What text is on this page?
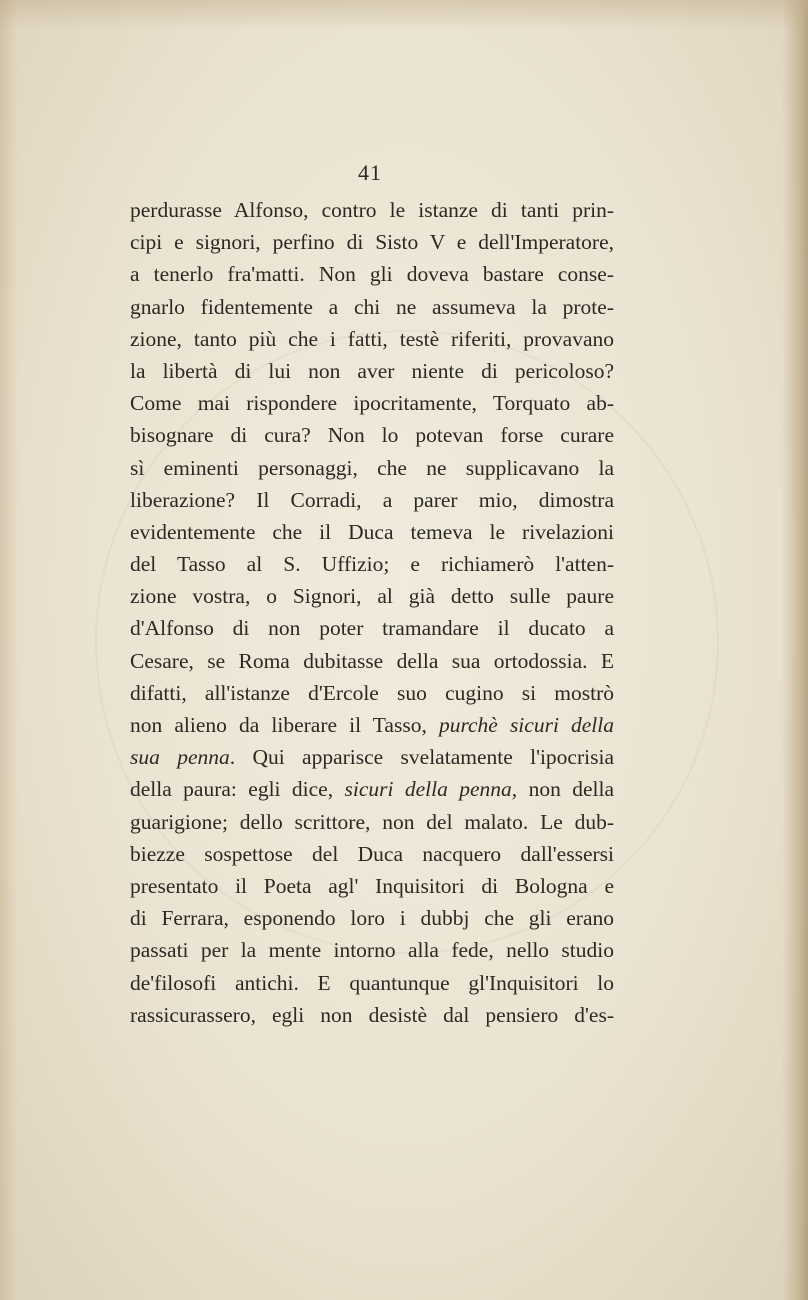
41
perdurasse Alfonso, contro le istanze di tanti prin-
cipi e signori, perfino di Sisto V e dell'Imperatore,
a tenerlo fra'matti. Non gli doveva bastare conse-
gnarlo fidentemente a chi ne assumeva la prote-
zione, tanto più che i fatti, testè riferiti, provavano
la libertà di lui non aver niente di pericoloso?
Come mai rispondere ipocritamente, Torquato ab-
bisognare di cura? Non lo potevan forse curare
sì eminenti personaggi, che ne supplicavano la
liberazione? Il Corradi, a parer mio, dimostra
evidentemente che il Duca temeva le rivelazioni
del Tasso al S. Uffizio; e richiamerò l'atten-
zione vostra, o Signori, al già detto sulle paure
d'Alfonso di non poter tramandare il ducato a
Cesare, se Roma dubitasse della sua ortodossia. E
difatti, all'istanze d'Ercole suo cugino si mostrò
non alieno da liberare il Tasso, purchè sicuri della
sua penna. Qui apparisce svelatamente l'ipocrisia
della paura: egli dice, sicuri della penna, non della
guarigione; dello scrittore, non del malato. Le dub-
biezze sospettose del Duca nacquero dall'essersi
presentato il Poeta agl' Inquisitori di Bologna e
di Ferrara, esponendo loro i dubbj che gli erano
passati per la mente intorno alla fede, nello studio
de'filosofi antichi. E quantunque gl'Inquisitori lo
rassicurassero, egli non desistè dal pensiero d'es-
